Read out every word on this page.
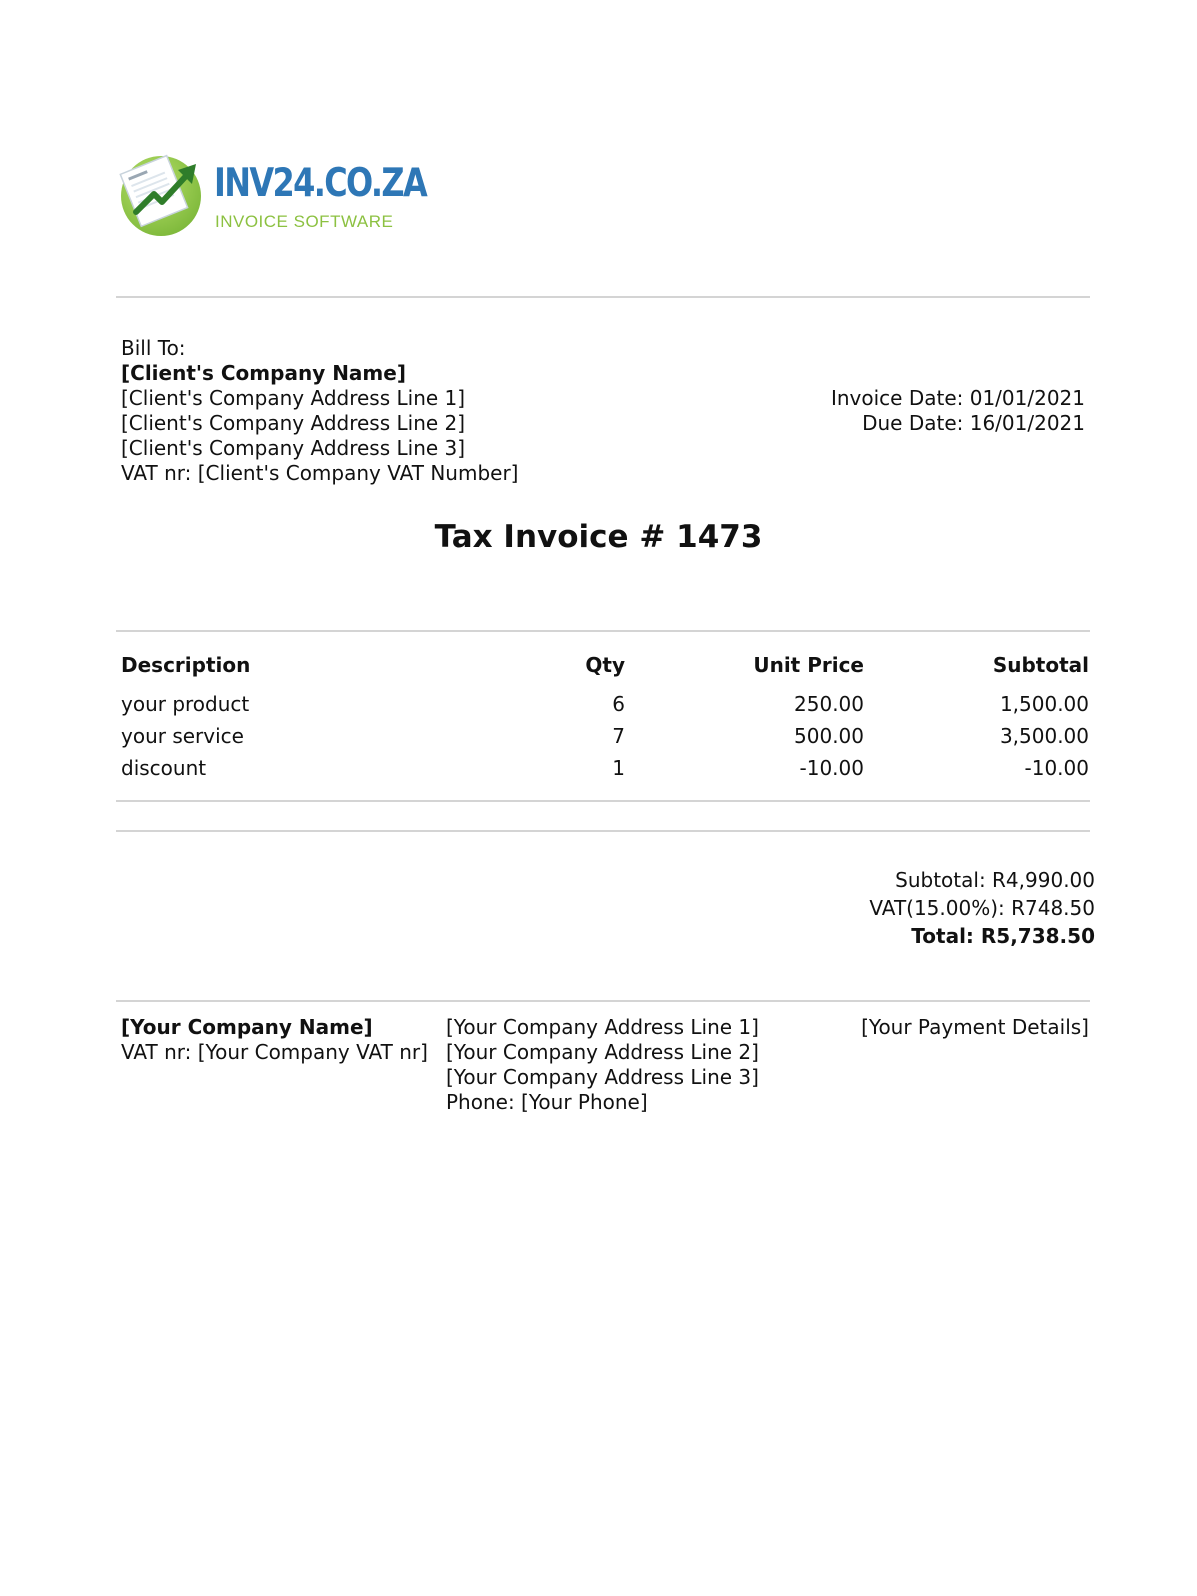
INV24.CO.ZA
INVOICE SOFTWARE
Bill To:
[Client's Company Name]
[Client's Company Address Line 1]
[Client's Company Address Line 2]
[Client's Company Address Line 3]
VAT nr: [Client's Company VAT Number]
Invoice Date: 01/01/2021
Due Date: 16/01/2021
Tax Invoice # 1473
Description	Qty	Unit Price	Subtotal
your product	6	250.00	1,500.00
your service	7	500.00	3,500.00
discount	1	-10.00	-10.00
Subtotal: R4,990.00
VAT(15.00%): R748.50
Total: R5,738.50
[Your Company Name]
VAT nr: [Your Company VAT nr]
[Your Company Address Line 1]
[Your Company Address Line 2]
[Your Company Address Line 3]
Phone: [Your Phone]
[Your Payment Details]
